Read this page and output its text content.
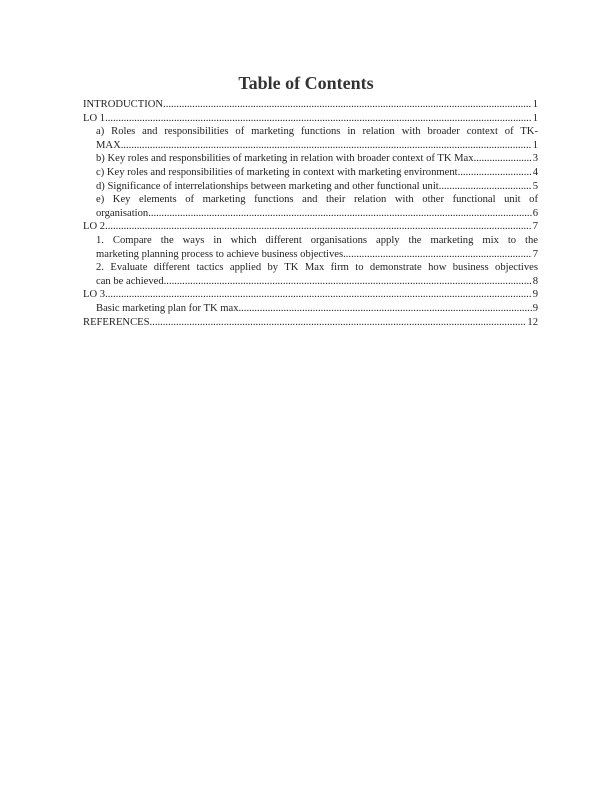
Table of Contents
INTRODUCTION .....	1
LO 1 .....	1
a) Roles and responsibilities of marketing functions in relation with broader context of TK-
MAX .....	1
b) Key roles and responsbilities of marketing in relation with broader context of TK Max .....	3
c) Key roles and responsibilities of marketing in context with marketing environment .....	4
d) Significance of interrelationships between marketing and other functional unit .....	5
e) Key elements of marketing functions and their relation with other functional unit of
organisation .....	6
LO 2 .....	7
1. Compare the ways in which different organisations apply the marketing mix to the
marketing planning process to achieve business objectives .....	7
2. Evaluate different tactics applied by TK Max firm to demonstrate how business objectives
can be achieved .....	8
LO 3 .....	9
Basic marketing plan for TK max .....	9
REFERENCES .....	12
